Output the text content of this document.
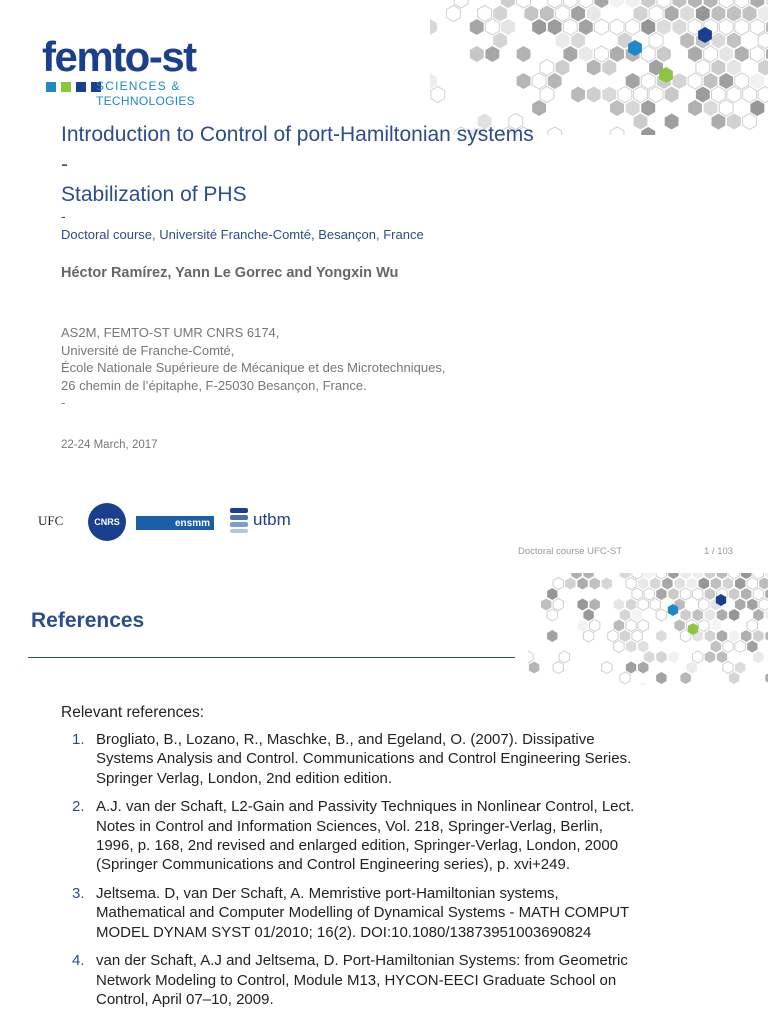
femto-st
SCIENCES &
TECHNOLOGIES
Introduction to Control of port-Hamiltonian systems
-
Stabilization of PHS
-
Doctoral course, Université Franche-Comté, Besançon, France
Héctor Ramírez, Yann Le Gorrec and Yongxin Wu
AS2M, FEMTO-ST UMR CNRS 6174,
Université de Franche-Comté,
École Nationale Supérieure de Mécanique et des Microtechniques,
26 chemin de l’épitaphe, F-25030 Besançon, France.
-
22-24 March, 2017
UFC	CNRS	ensmm	utbm
Doctoral course UFC-ST	1 / 103
References
Relevant references:
1. Brogliato, B., Lozano, R., Maschke, B., and Egeland, O. (2007). Dissipative
Systems Analysis and Control. Communications and Control Engineering Series.
Springer Verlag, London, 2nd edition edition.
2. A.J. van der Schaft, L2-Gain and Passivity Techniques in Nonlinear Control, Lect.
Notes in Control and Information Sciences, Vol. 218, Springer-Verlag, Berlin,
1996, p. 168, 2nd revised and enlarged edition, Springer-Verlag, London, 2000
(Springer Communications and Control Engineering series), p. xvi+249.
3. Jeltsema. D, van Der Schaft, A. Memristive port-Hamiltonian systems,
Mathematical and Computer Modelling of Dynamical Systems - MATH COMPUT
MODEL DYNAM SYST 01/2010; 16(2). DOI:10.1080/13873951003690824
4. van der Schaft, A.J and Jeltsema, D. Port-Hamiltonian Systems: from Geometric
Network Modeling to Control, Module M13, HYCON-EECI Graduate School on
Control, April 07–10, 2009.
